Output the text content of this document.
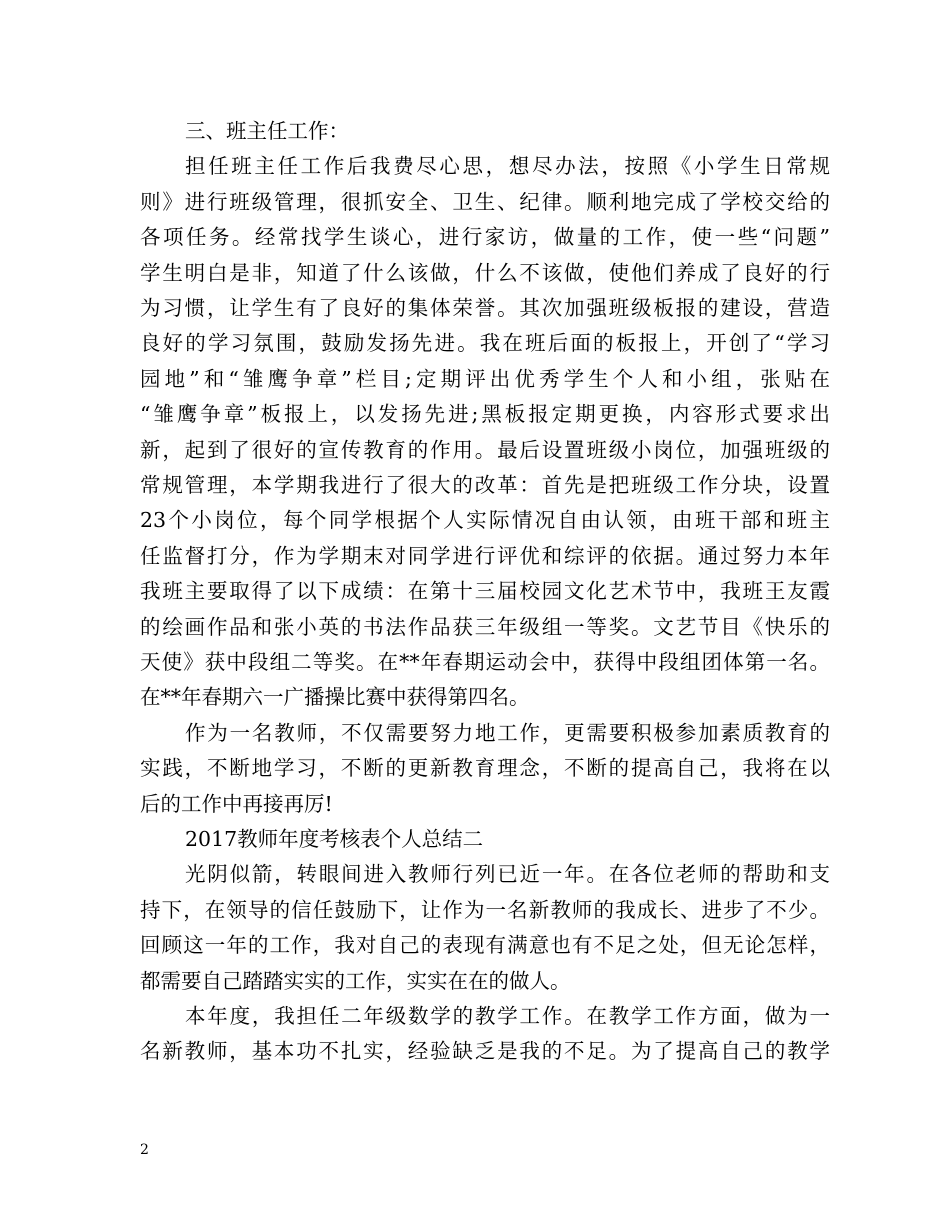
三、班主任工作：
担任班主任工作后我费尽心思，想尽办法，按照《小学生日常规
则》进行班级管理，很抓安全、卫生、纪律。顺利地完成了学校交给的
各项任务。经常找学生谈心，进行家访，做量的工作，使一些“问题”
学生明白是非，知道了什么该做，什么不该做，使他们养成了良好的行
为习惯，让学生有了良好的集体荣誉。其次加强班级板报的建设，营造
良好的学习氛围，鼓励发扬先进。我在班后面的板报上，开创了“学习
园地”和“雏鹰争章”栏目;定期评出优秀学生个人和小组，张贴在
“雏鹰争章”板报上，以发扬先进;黑板报定期更换，内容形式要求出
新，起到了很好的宣传教育的作用。最后设置班级小岗位，加强班级的
常规管理，本学期我进行了很大的改革：首先是把班级工作分块，设置
23个小岗位，每个同学根据个人实际情况自由认领，由班干部和班主
任监督打分，作为学期末对同学进行评优和综评的依据。通过努力本年
我班主要取得了以下成绩：在第十三届校园文化艺术节中，我班王友霞
的绘画作品和张小英的书法作品获三年级组一等奖。文艺节目《快乐的
天使》获中段组二等奖。在**年春期运动会中，获得中段组团体第一名。
在**年春期六一广播操比赛中获得第四名。
作为一名教师，不仅需要努力地工作，更需要积极参加素质教育的
实践，不断地学习，不断的更新教育理念，不断的提高自己，我将在以
后的工作中再接再厉!
2017教师年度考核表个人总结二
光阴似箭，转眼间进入教师行列已近一年。在各位老师的帮助和支
持下，在领导的信任鼓励下，让作为一名新教师的我成长、进步了不少。
回顾这一年的工作，我对自己的表现有满意也有不足之处，但无论怎样，
都需要自己踏踏实实的工作，实实在在的做人。
本年度，我担任二年级数学的教学工作。在教学工作方面，做为一
名新教师，基本功不扎实，经验缺乏是我的不足。为了提高自己的教学
2
